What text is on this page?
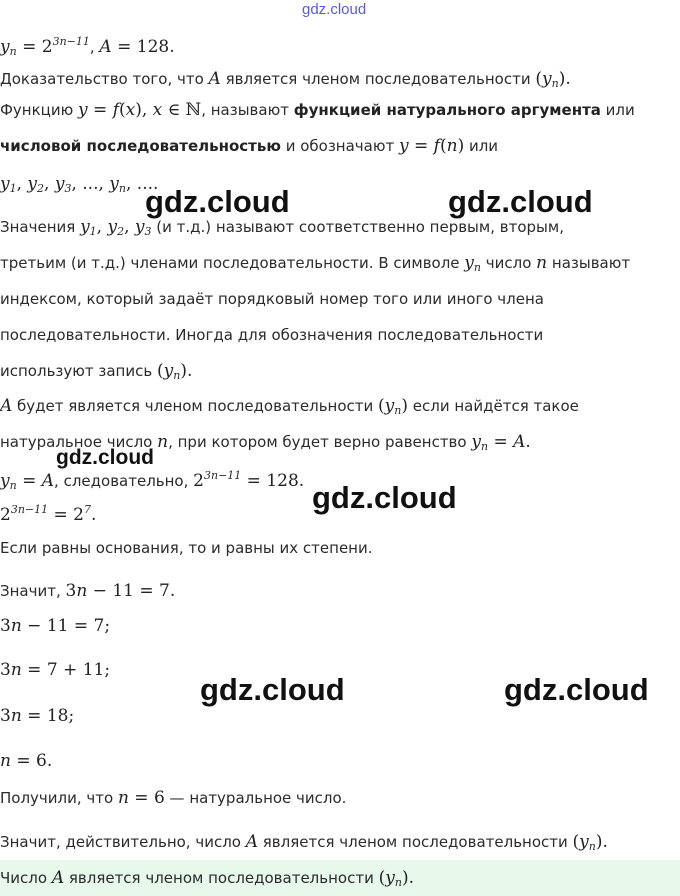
gdz.cloud
$y_n = 2^{3n-11}$, A = 128.
Доказательство того, что A является членом последовательности $(y_n)$.
Функцию y = f(x), x ∈ ℕ, называют функцией натурального аргумента или
числовой последовательностью и обозначают y = f(n) или
$y_1$, $y_2$, $y_3$, ..., $y_n$, ....
Значения $y_1$, $y_2$, $y_3$ (и т.д.) называют соответственно первым, вторым,
третьим (и т.д.) членами последовательности. В символе $y_n$ число n называют
индексом, который задаёт порядковый номер того или иного члена
последовательности. Иногда для обозначения последовательности
используют запись $(y_n)$.
A будет является членом последовательности $(y_n)$ если найдётся такое
натуральное число n, при котором будет верно равенство $y_n = A$.
$y_n = A$, следовательно, $2^{3n-11} = 128$.
$2^{3n-11} = 2^7$.
Если равны основания, то и равны их степени.
Значит, 3n − 11 = 7.
3n − 11 = 7;
3n = 7 + 11;
3n = 18;
n = 6.
Получили, что n = 6 — натуральное число.
Значит, действительно, число A является членом последовательности $(y_n)$.
Число A является членом последовательности $(y_n)$.
gdz.cloud	gdz.cloud
gdz.cloud
gdz.cloud
gdz.cloud	gdz.cloud
